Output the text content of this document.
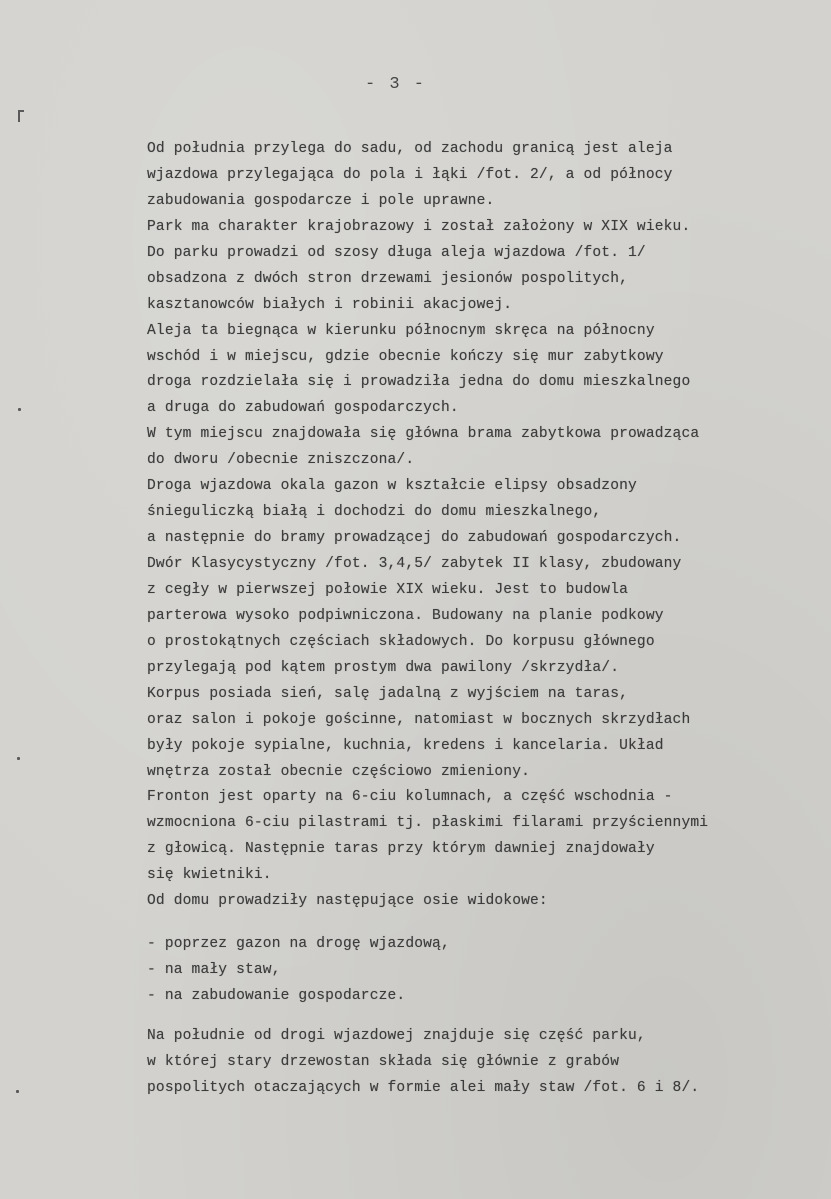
- 3 -
Od południa przylega do sadu, od zachodu granicą jest aleja
wjazdowa przylegająca do pola i łąki /fot. 2/, a od północy
zabudowania gospodarcze i pole uprawne.
Park ma charakter krajobrazowy i został założony w XIX wieku.
Do parku prowadzi od szosy długa aleja wjazdowa /fot. 1/
obsadzona z dwóch stron drzewami jesionów pospolitych,
kasztanowców białych i robinii akacjowej.
Aleja ta biegnąca w kierunku północnym skręca na północny
wschód i w miejscu, gdzie obecnie kończy się mur zabytkowy
droga rozdzielała się i prowadziła jedna do domu mieszkalnego
a druga do zabudowań gospodarczych.
W tym miejscu znajdowała się główna brama zabytkowa prowadząca
do dworu /obecnie zniszczona/.
Droga wjazdowa okala gazon w kształcie elipsy obsadzony
śnieguliczką białą i dochodzi do domu mieszkalnego,
a następnie do bramy prowadzącej do zabudowań gospodarczych.
Dwór Klasycystyczny /fot. 3,4,5/ zabytek II klasy, zbudowany
z cegły w pierwszej połowie XIX wieku. Jest to budowla
parterowa wysoko podpiwniczona. Budowany na planie podkowy
o prostokątnych częściach składowych. Do korpusu głównego
przylegają pod kątem prostym dwa pawilony /skrzydła/.
Korpus posiada sień, salę jadalną z wyjściem na taras,
oraz salon i pokoje gościnne, natomiast w bocznych skrzydłach
były pokoje sypialne, kuchnia, kredens i kancelaria. Układ
wnętrza został obecnie częściowo zmieniony.
Fronton jest oparty na 6-ciu kolumnach, a część wschodnia -
wzmocniona 6-ciu pilastrami tj. płaskimi filarami przyściennymi
z głowicą. Następnie taras przy którym dawniej znajdowały
się kwietniki.
Od domu prowadziły następujące osie widokowe:
- poprzez gazon na drogę wjazdową,
- na mały staw,
- na zabudowanie gospodarcze.
Na południe od drogi wjazdowej znajduje się część parku,
w której stary drzewostan składa się głównie z grabów
pospolitych otaczających w formie alei mały staw /fot. 6 i 8/.
